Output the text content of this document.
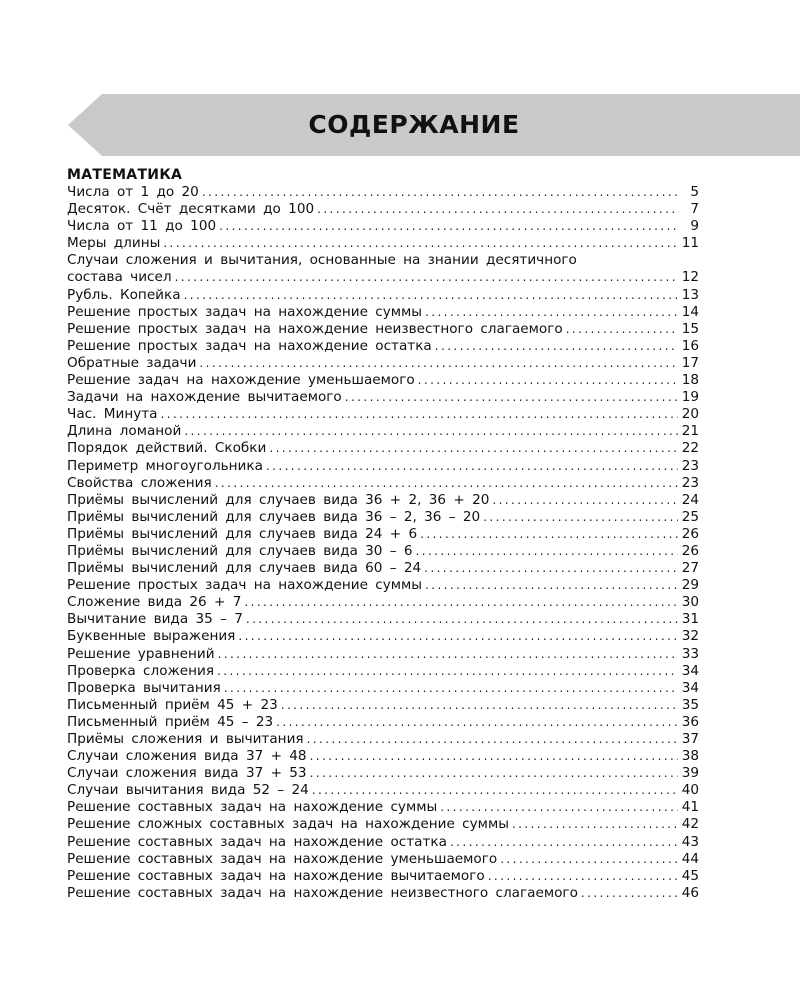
СОДЕРЖАНИЕ
МАТЕМАТИКА
Числа от 1 до 20 .....	5
Десяток. Счёт десятками до 100 .....	7
Числа от 11 до 100 .....	9
Меры длины .....	11
Случаи сложения и вычитания, основанные на знании десятичного
состава чисел .....	12
Рубль. Копейка .....	13
Решение простых задач на нахождение суммы .....	14
Решение простых задач на нахождение неизвестного слагаемого .....	15
Решение простых задач на нахождение остатка .....	16
Обратные задачи .....	17
Решение задач на нахождение уменьшаемого .....	18
Задачи на нахождение вычитаемого .....	19
Час. Минута .....	20
Длина ломаной .....	21
Порядок действий. Скобки .....	22
Периметр многоугольника .....	23
Свойства сложения .....	23
Приёмы вычислений для случаев вида 36 + 2, 36 + 20 .....	24
Приёмы вычислений для случаев вида 36 – 2, 36 – 20 .....	25
Приёмы вычислений для случаев вида 24 + 6 .....	26
Приёмы вычислений для случаев вида 30 – 6 .....	26
Приёмы вычислений для случаев вида 60 – 24 .....	27
Решение простых задач на нахождение суммы .....	29
Сложение вида 26 + 7 .....	30
Вычитание вида 35 – 7 .....	31
Буквенные выражения .....	32
Решение уравнений .....	33
Проверка сложения .....	34
Проверка вычитания .....	34
Письменный приём 45 + 23 .....	35
Письменный приём 45 – 23 .....	36
Приёмы сложения и вычитания .....	37
Случаи сложения вида 37 + 48 .....	38
Случаи сложения вида 37 + 53 .....	39
Случаи вычитания вида 52 – 24 .....	40
Решение составных задач на нахождение суммы .....	41
Решение сложных составных задач на нахождение суммы .....	42
Решение составных задач на нахождение остатка .....	43
Решение составных задач на нахождение уменьшаемого .....	44
Решение составных задач на нахождение вычитаемого .....	45
Решение составных задач на нахождение неизвестного слагаемого .....	46
